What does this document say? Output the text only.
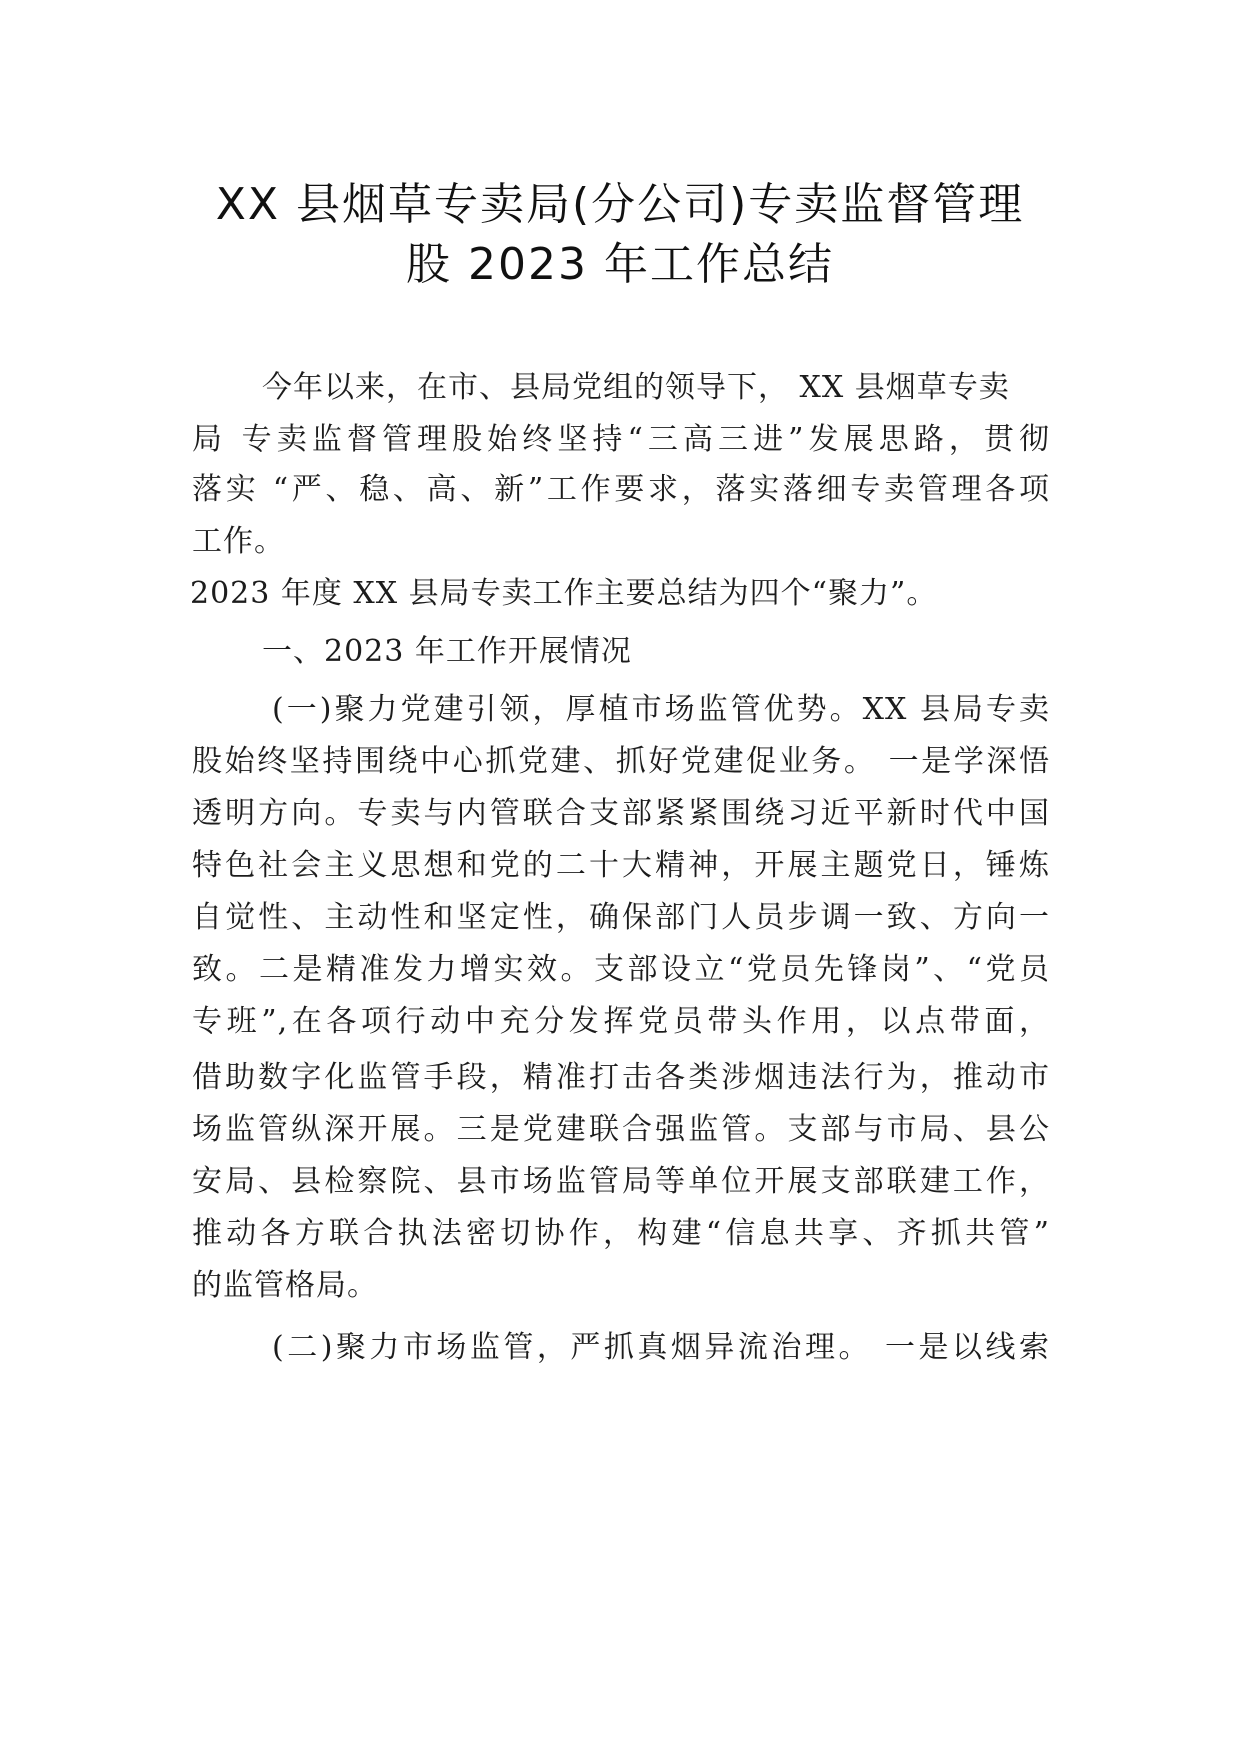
XX 县烟草专卖局(分公司)专卖监督管理
股 2023 年工作总结
今年以来，在市、县局党组的领导下， XX 县烟草专卖
局 专卖监督管理股始终坚持“三高三进”发展思路，贯彻
落实 “严、稳、高、新”工作要求，落实落细专卖管理各项
工作。
2023 年度 XX 县局专卖工作主要总结为四个“聚力”。
一、2023 年工作开展情况
(一)聚力党建引领，厚植市场监管优势。XX 县局专卖
股始终坚持围绕中心抓党建、抓好党建促业务。 一是学深悟
透明方向。专卖与内管联合支部紧紧围绕习近平新时代中国
特色社会主义思想和党的二十大精神，开展主题党日，锤炼
自觉性、主动性和坚定性，确保部门人员步调一致、方向一
致。二是精准发力增实效。支部设立“党员先锋岗”、“党员
专班”,在各项行动中充分发挥党员带头作用，以点带面，
借助数字化监管手段，精准打击各类涉烟违法行为，推动市
场监管纵深开展。三是党建联合强监管。支部与市局、县公
安局、县检察院、县市场监管局等单位开展支部联建工作，
推动各方联合执法密切协作，构建“信息共享、齐抓共管”
的监管格局。
(二)聚力市场监管，严抓真烟异流治理。 一是以线索
